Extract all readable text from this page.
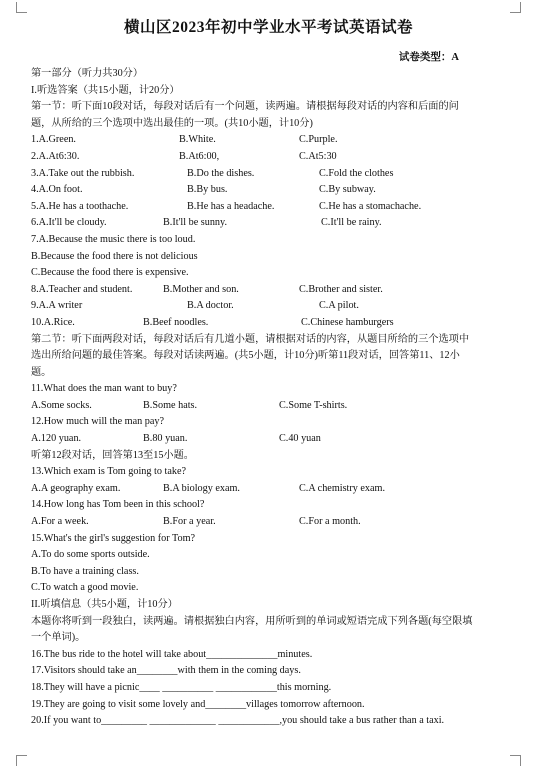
横山区2023年初中学业水平考试英语试卷
试卷类型：A
第一部分（听力共30分）
I.听选答案（共15小题，计20分）
第一节：听下面10段对话，每段对话后有一个问题，读两遍。请根据每段对话的内容和后面的问题，从所给的三个选项中选出最佳的一项。(共10小题，计10分)
1.A.Green.	B.White.	C.Purple.
2.A.At6:30.	B.At6:00,	C.At5:30
3.A.Take out the rubbish.	B.Do the dishes.	C.Fold the clothes
4.A.On foot.	B.By bus.	C.By subway.
5.A.He has a toothache.	B.He has a headache.	C.He has a stomachache.
6.A.It'll be cloudy.	B.It'll be sunny.	C.It'll be rainy.
7.A.Because the music there is too loud.
B.Because the food there is not delicious
C.Because the food there is expensive.
8.A.Teacher and student.	B.Mother and son.	C.Brother and sister.
9.A.A writer	B.A doctor.	C.A pilot.
10.A.Rice.	B.Beef noodles.	C.Chinese hamburgers
第二节：听下面两段对话，每段对话后有几道小题，请根据对话的内容，从题目所给的三个选项中选出所给问题的最佳答案。每段对话读两遍。(共5小题，计10分)听第11段对话，回答第11、12小题。
11.What does the man want to buy?
A.Some socks.	B.Some hats.	C.Some T-shirts.
12.How much will the man pay?
A.120 yuan.	B.80 yuan.	C.40 yuan
听第12段对话，回答第13至15小题。
13.Which exam is Tom going to take?
A.A geography exam.	B.A biology exam.	C.A chemistry exam.
14.How long has Tom been in this school?
A.For a week.	B.For a year.	C.For a month.
15.What's the girl's suggestion for Tom?
A.To do some sports outside.
B.To have a training class.
C.To watch a good movie.
II.听填信息（共5小题，计10分）
本题你将听到一段独白，读两遍。请根据独白内容，用所听到的单词或短语完成下列各题(每空限填一个单词)。
16.The bus ride to the hotel will take about______________minutes.
17.Visitors should take an________with them in the coming days.
18.They will have a picnic____ __________ ____________this morning.
19.They are going to visit some lovely and________villages tomorrow afternoon.
20.If you want to_________ _____________ ____________,you should take a bus rather than a taxi.
